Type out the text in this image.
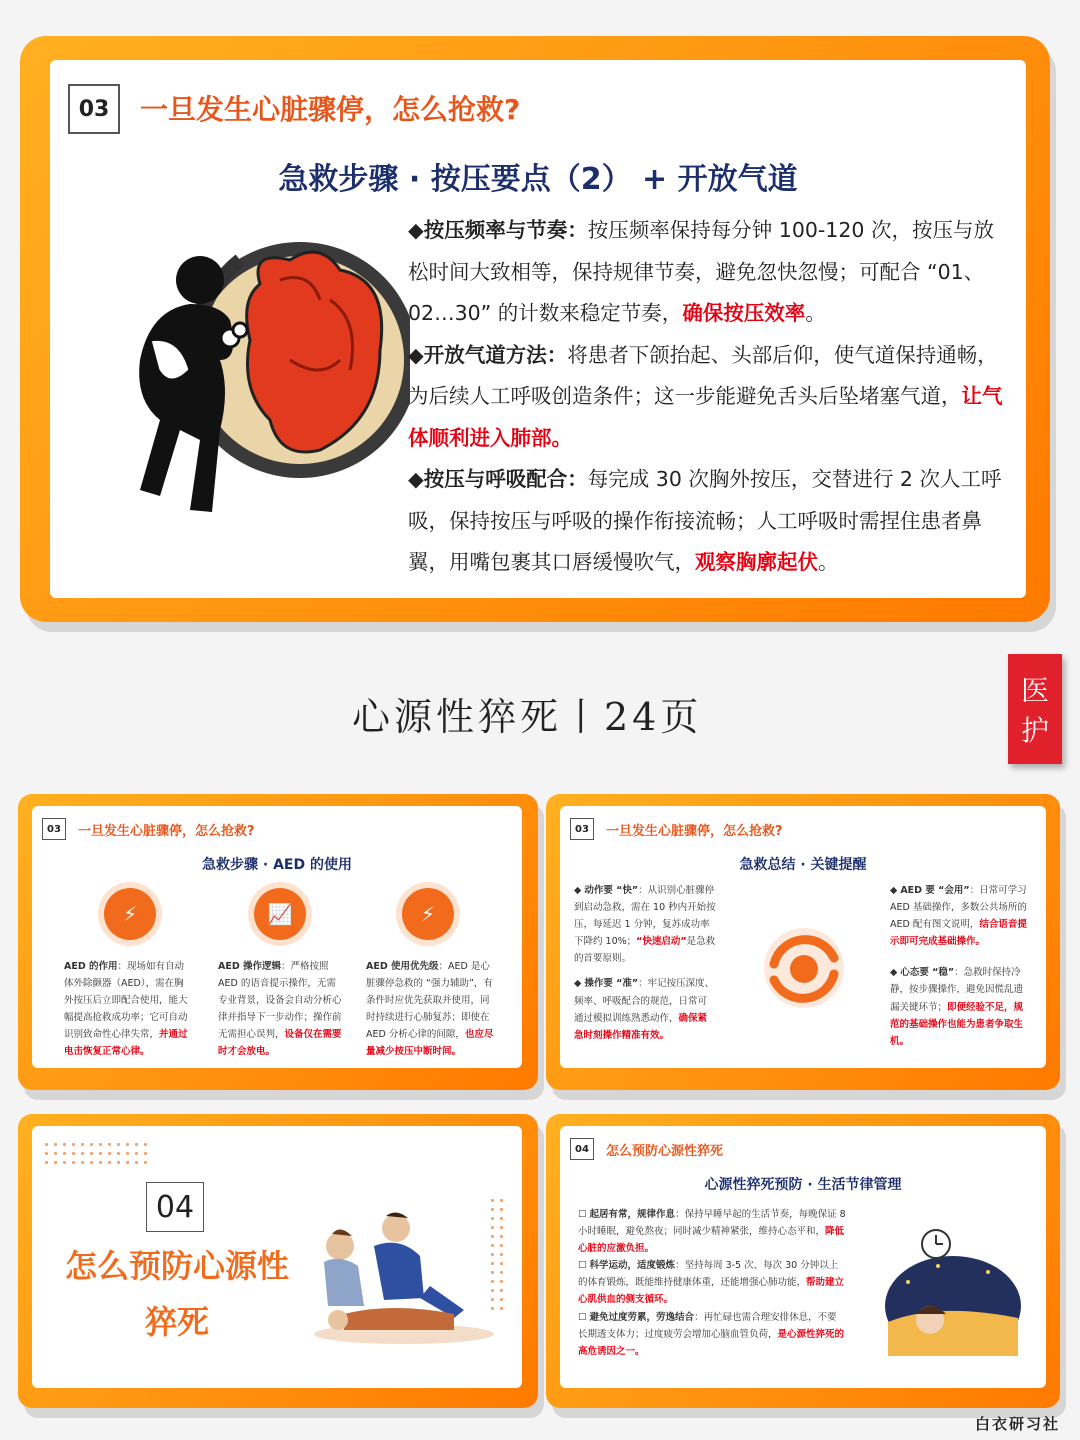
03	一旦发生心脏骤停，怎么抢救?
急救步骤 · 按压要点（2） + 开放气道
◆按压频率与节奏：按压频率保持每分钟 100-120 次，按压与放松时间大致相等，保持规律节奏，避免忽快忽慢；可配合 “01、02…30” 的计数来稳定节奏，确保按压效率。
◆开放气道方法：将患者下颌抬起、头部后仰，使气道保持通畅，为后续人工呼吸创造条件；这一步能避免舌头后坠堵塞气道，让气体顺利进入肺部。
◆按压与呼吸配合：每完成 30 次胸外按压，交替进行 2 次人工呼吸，保持按压与呼吸的操作衔接流畅；人工呼吸时需捏住患者鼻翼，用嘴包裹其口唇缓慢吹气，观察胸廓起伏。
心源性猝死丨24页
医
护
03	一旦发生心脏骤停，怎么抢救?
急救步骤 · AED 的使用
⚡	📈	⚡
AED 的作用：现场如有自动体外除颤器（AED），需在胸外按压后立即配合使用，能大幅提高抢救成功率；它可自动识别致命性心律失常，并通过电击恢复正常心律。
AED 操作逻辑：严格按照 AED 的语音提示操作，无需专业背景，设备会自动分析心律并指导下一步动作；操作前无需担心误判，设备仅在需要时才会放电。
AED 使用优先级：AED 是心脏骤停急救的 “强力辅助”，有条件时应优先获取并使用，同时持续进行心肺复苏；即使在 AED 分析心律的间隙，也应尽量减少按压中断时间。
03	一旦发生心脏骤停，怎么抢救?
急救总结 · 关键提醒
◆ 动作要 “快”：从识别心脏骤停到启动急救，需在 10 秒内开始按压，每延迟 1 分钟，复苏成功率下降约 10%；“快速启动”是急救的首要原则。
◆ 操作要 “准”：牢记按压深度、频率、呼吸配合的规范，日常可通过模拟训练熟悉动作，确保紧急时刻操作精准有效。
◆ AED 要 “会用”：日常可学习 AED 基础操作，多数公共场所的 AED 配有图文说明，结合语音提示即可完成基础操作。
◆ 心态要 “稳”：急救时保持冷静，按步骤操作，避免因慌乱遗漏关键环节；即便经验不足，规范的基础操作也能为患者争取生机。
04
怎么预防心源性
猝死
04	怎么预防心源性猝死
心源性猝死预防 · 生活节律管理
☐ 起居有常，规律作息：保持早睡早起的生活节奏，每晚保证 8 小时睡眠，避免熬夜；同时减少精神紧张，维持心态平和，降低心脏的应激负担。
☐ 科学运动，适度锻炼：坚持每周 3-5 次、每次 30 分钟以上的体育锻炼，既能维持健康体重，还能增强心肺功能，帮助建立心肌供血的侧支循环。
☐ 避免过度劳累，劳逸结合：再忙碌也需合理安排休息，不要长期透支体力；过度疲劳会增加心脑血管负荷，是心源性猝死的高危诱因之一。
白衣研习社
